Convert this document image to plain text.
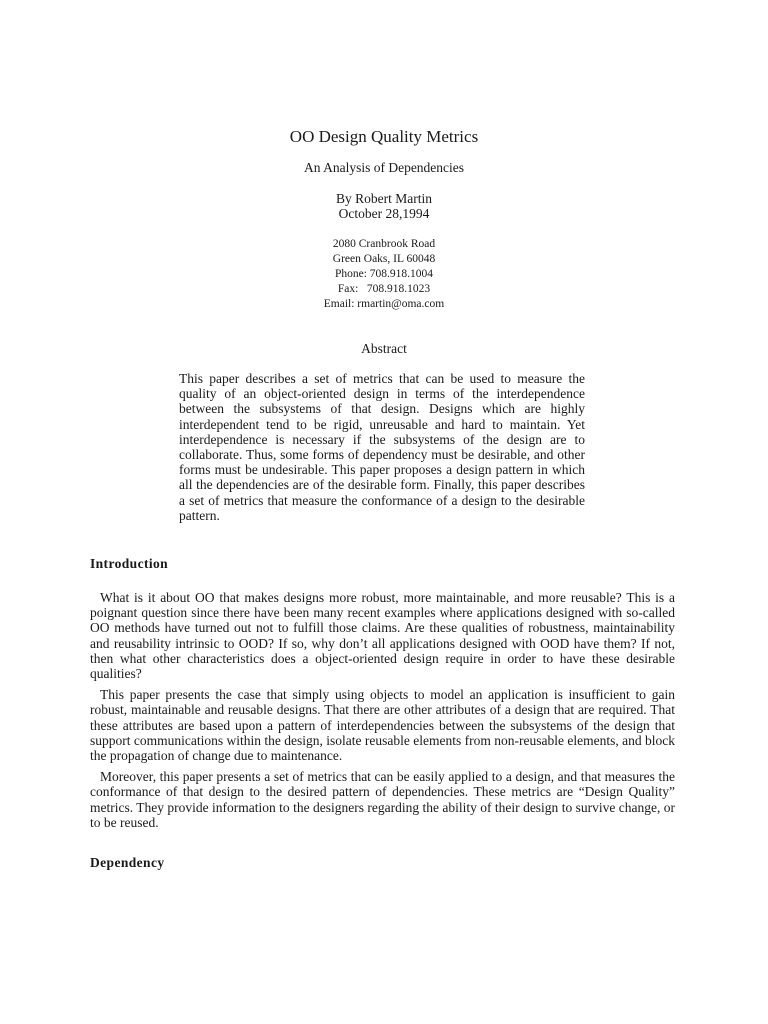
OO Design Quality Metrics
An Analysis of Dependencies
By Robert Martin
October 28,1994
2080 Cranbrook Road
Green Oaks, IL 60048
Phone: 708.918.1004
Fax:   708.918.1023
Email: rmartin@oma.com
Abstract
This paper describes a set of metrics that can be used to measure the quality of an object-oriented design in terms of the interdependence between the subsystems of that design. Designs which are highly interdependent tend to be rigid, unreusable and hard to maintain. Yet interdependence is necessary if the subsystems of the design are to collaborate. Thus, some forms of dependency must be desirable, and other forms must be undesirable. This paper proposes a design pattern in which all the dependencies are of the desirable form. Finally, this paper describes a set of metrics that measure the conformance of a design to the desirable pattern.
Introduction

What is it about OO that makes designs more robust, more maintainable, and more reusable? This is a poignant question since there have been many recent examples where applications designed with so-called OO methods have turned out not to fulfill those claims. Are these qualities of robustness, maintainability and reusability intrinsic to OOD? If so, why don’t all applications designed with OOD have them? If not, then what other characteristics does a object-oriented design require in order to have these desirable qualities?

This paper presents the case that simply using objects to model an application is insufficient to gain robust, maintainable and reusable designs. That there are other attributes of a design that are required. That these attributes are based upon a pattern of interdependencies between the subsystems of the design that support communications within the design, isolate reusable elements from non-reusable elements, and block the propagation of change due to maintenance.

Moreover, this paper presents a set of metrics that can be easily applied to a design, and that measures the conformance of that design to the desired pattern of dependencies. These metrics are “Design Quality” metrics. They provide information to the designers regarding the ability of their design to survive change, or to be reused.

Dependency
